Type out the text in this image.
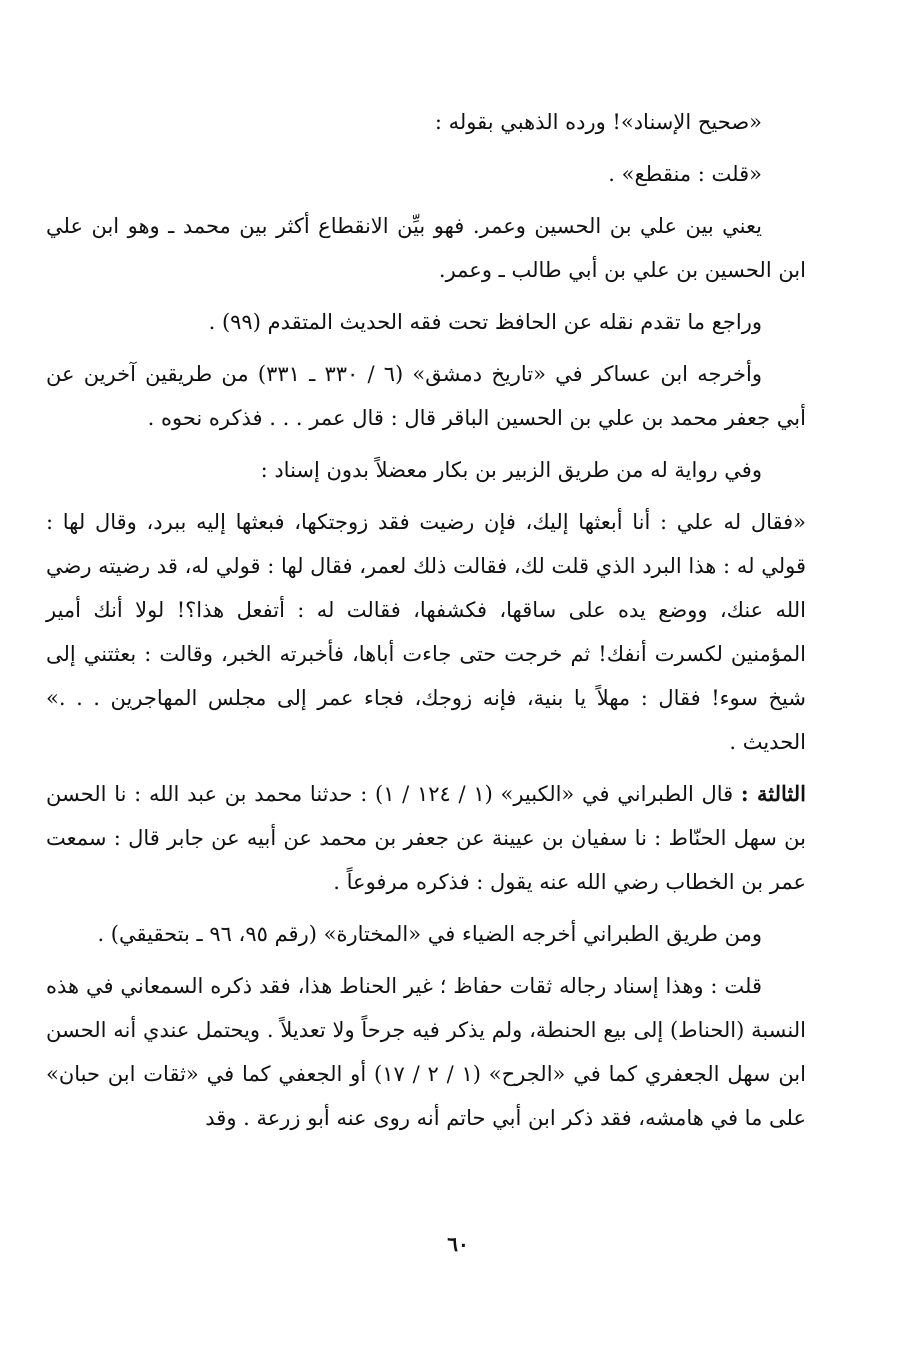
«صحيح الإسناد»! ورده الذهبي بقوله :

«قلت : منقطع» .

يعني بين علي بن الحسين وعمر. فهو بيِّن الانقطاع أكثر بين محمد ـ وهو ابن علي ابن الحسين بن علي بن أبي طالب ـ وعمر.

وراجع ما تقدم نقله عن الحافظ تحت فقه الحديث المتقدم (٩٩) .

وأخرجه ابن عساكر في «تاريخ دمشق» (٦ / ٣٣٠ ـ ٣٣١) من طريقين آخرين عن أبي جعفر محمد بن علي بن الحسين الباقر قال : قال عمر . . . فذكره نحوه .

وفي رواية له من طريق الزبير بن بكار معضلاً بدون إسناد :

«فقال له علي : أنا أبعثها إليك، فإن رضيت فقد زوجتكها، فبعثها إليه ببرد، وقال لها : قولي له : هذا البرد الذي قلت لك، فقالت ذلك لعمر، فقال لها : قولي له، قد رضيته رضي الله عنك، ووضع يده على ساقها، فكشفها، فقالت له : أتفعل هذا؟! لولا أنك أمير المؤمنين لكسرت أنفك! ثم خرجت حتى جاءت أباها، فأخبرته الخبر، وقالت : بعثتني إلى شيخ سوء! فقال : مهلاً يا بنية، فإنه زوجك، فجاء عمر إلى مجلس المهاجرين . . .» الحديث .

الثالثة : قال الطبراني في «الكبير» (١ / ١٢٤ / ١) : حدثنا محمد بن عبد الله : نا الحسن بن سهل الحنّاط : نا سفيان بن عيينة عن جعفر بن محمد عن أبيه عن جابر قال : سمعت عمر بن الخطاب رضي الله عنه يقول : فذكره مرفوعاً .

ومن طريق الطبراني أخرجه الضياء في «المختارة» (رقم ٩٥، ٩٦ ـ بتحقيقي) .

قلت : وهذا إسناد رجاله ثقات حفاظ ؛ غير الحناط هذا، فقد ذكره السمعاني في هذه النسبة (الحناط) إلى بيع الحنطة، ولم يذكر فيه جرحاً ولا تعديلاً . ويحتمل عندي أنه الحسن ابن سهل الجعفري كما في «الجرح» (١ / ٢ / ١٧) أو الجعفي كما في «ثقات ابن حبان» على ما في هامشه، فقد ذكر ابن أبي حاتم أنه روى عنه أبو زرعة . وقد

٦٠
